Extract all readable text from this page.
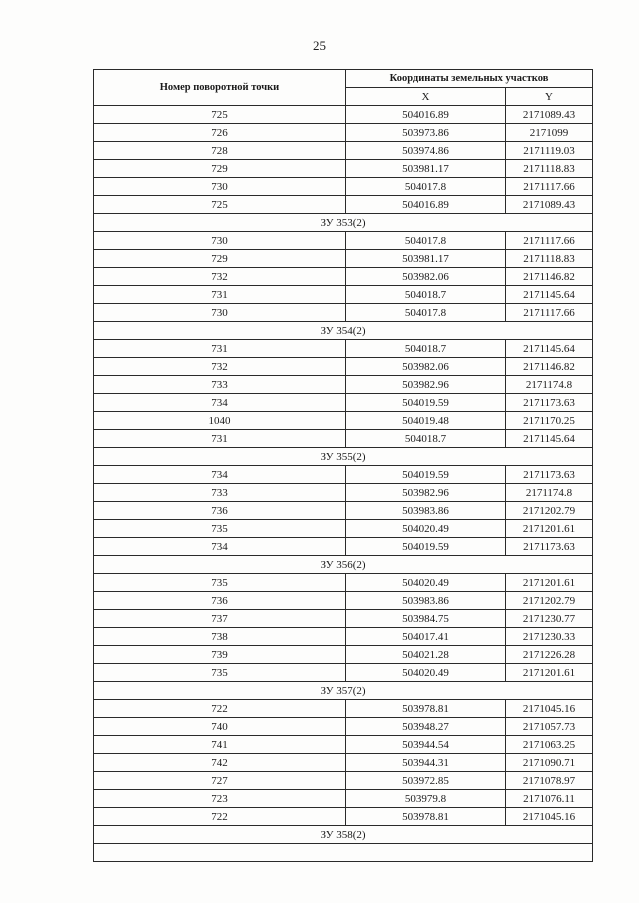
25
Номер поворотной точки	Координаты земельных участков	
	X	Y
725	504016.89	2171089.43
726	503973.86	2171099
728	503974.86	2171119.03
729	503981.17	2171118.83
730	504017.8	2171117.66
725	504016.89	2171089.43
ЗУ 353(2)		
730	504017.8	2171117.66
729	503981.17	2171118.83
732	503982.06	2171146.82
731	504018.7	2171145.64
730	504017.8	2171117.66
ЗУ 354(2)		
731	504018.7	2171145.64
732	503982.06	2171146.82
733	503982.96	2171174.8
734	504019.59	2171173.63
1040	504019.48	2171170.25
731	504018.7	2171145.64
ЗУ 355(2)		
734	504019.59	2171173.63
733	503982.96	2171174.8
736	503983.86	2171202.79
735	504020.49	2171201.61
734	504019.59	2171173.63
ЗУ 356(2)		
735	504020.49	2171201.61
736	503983.86	2171202.79
737	503984.75	2171230.77
738	504017.41	2171230.33
739	504021.28	2171226.28
735	504020.49	2171201.61
ЗУ 357(2)		
722	503978.81	2171045.16
740	503948.27	2171057.73
741	503944.54	2171063.25
742	503944.31	2171090.71
727	503972.85	2171078.97
723	503979.8	2171076.11
722	503978.81	2171045.16
ЗУ 358(2)		
